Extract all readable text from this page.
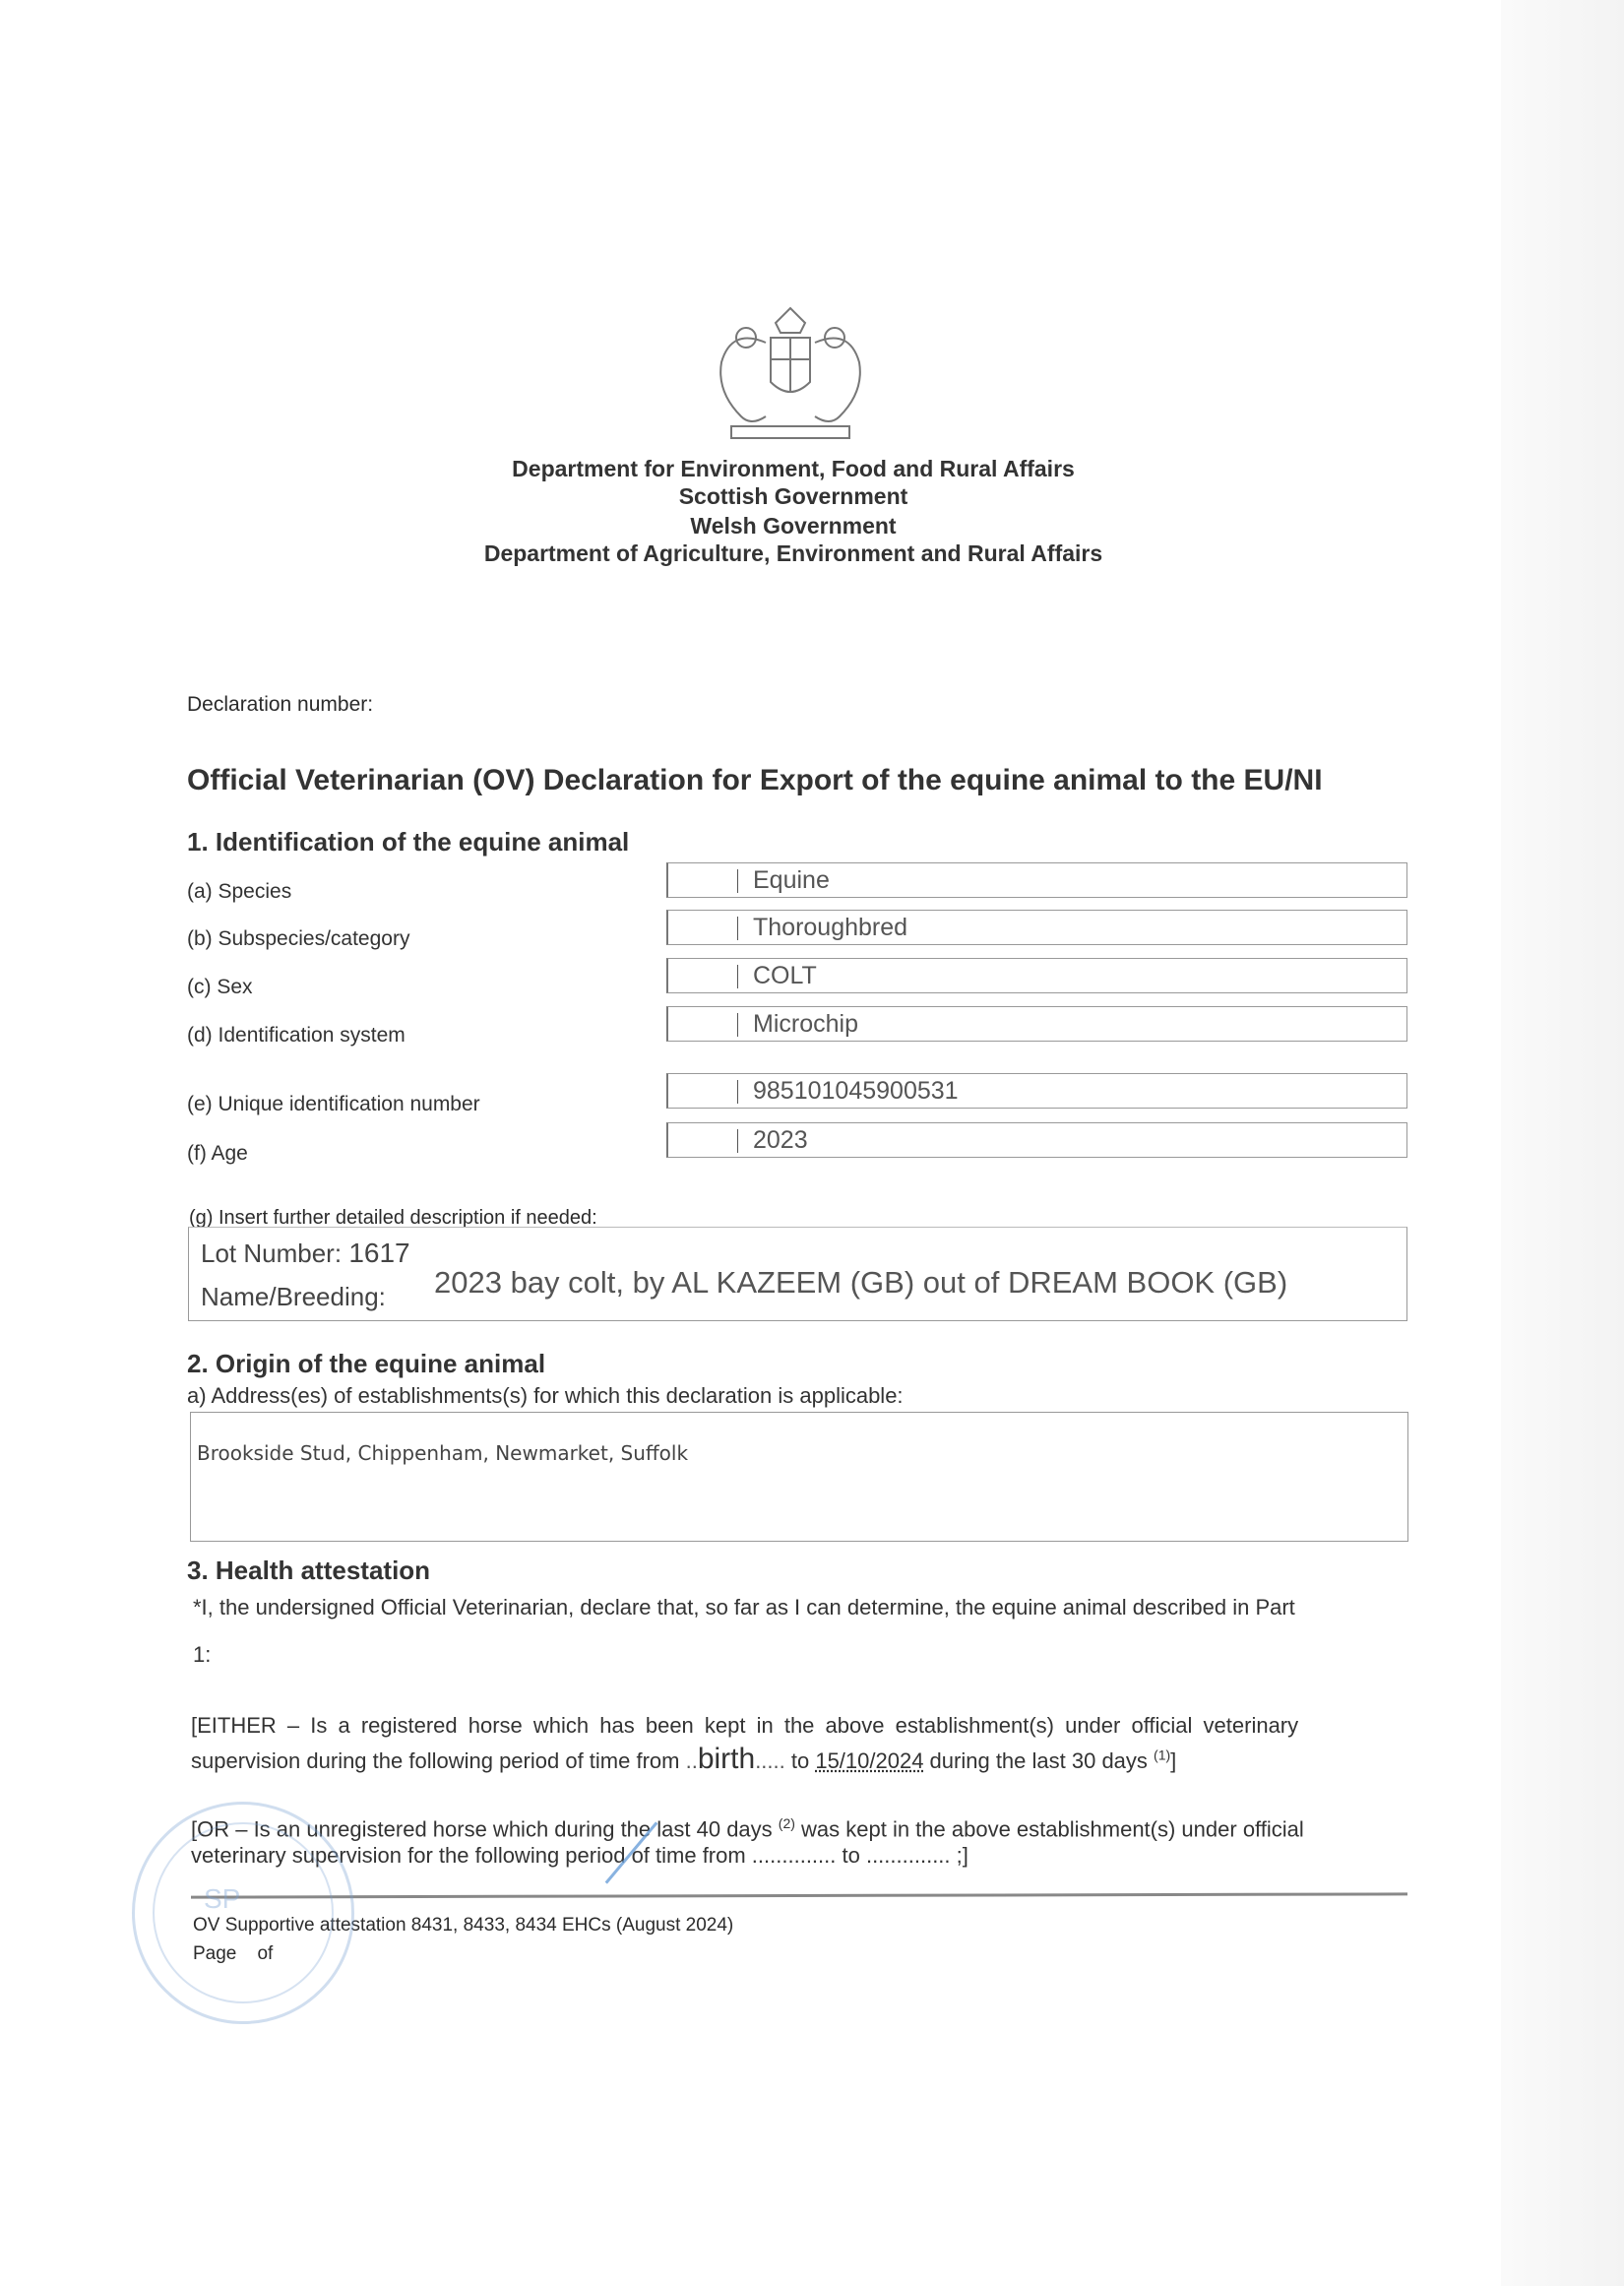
Department for Environment, Food and Rural Affairs
Scottish Government
Welsh Government
Department of Agriculture, Environment and Rural Affairs
Declaration number:
Official Veterinarian (OV) Declaration for Export of the equine animal to the EU/NI
1. Identification of the equine animal
(a) Species	Equine
(b) Subspecies/category	Thoroughbred
(c) Sex	COLT
(d) Identification system	Microchip
(e) Unique identification number	985101045900531
(f) Age	2023
(g) Insert further detailed description if needed:
Lot Number: 1617
Name/Breeding: 2023 bay colt, by AL KAZEEM (GB) out of DREAM BOOK (GB)
2. Origin of the equine animal
a) Address(es) of establishments(s) for which this declaration is applicable:
Brookside Stud, Chippenham, Newmarket, Suffolk
3. Health attestation
*I, the undersigned Official Veterinarian, declare that, so far as I can determine, the equine animal described in Part
1:
[EITHER – Is a registered horse which has been kept in the above establishment(s) under official veterinary
supervision during the following period of time from ..birth..... to 15/10/2024 during the last 30 days $^{(1)}$]
[OR – Is an unregistered horse which during the last 40 days $^{(2)}$ was kept in the above establishment(s) under official
veterinary supervision for the following period of time from .............. to .............. ;]
OV Supportive attestation 8431, 8433, 8434 EHCs (August 2024)
Page    of
SP
